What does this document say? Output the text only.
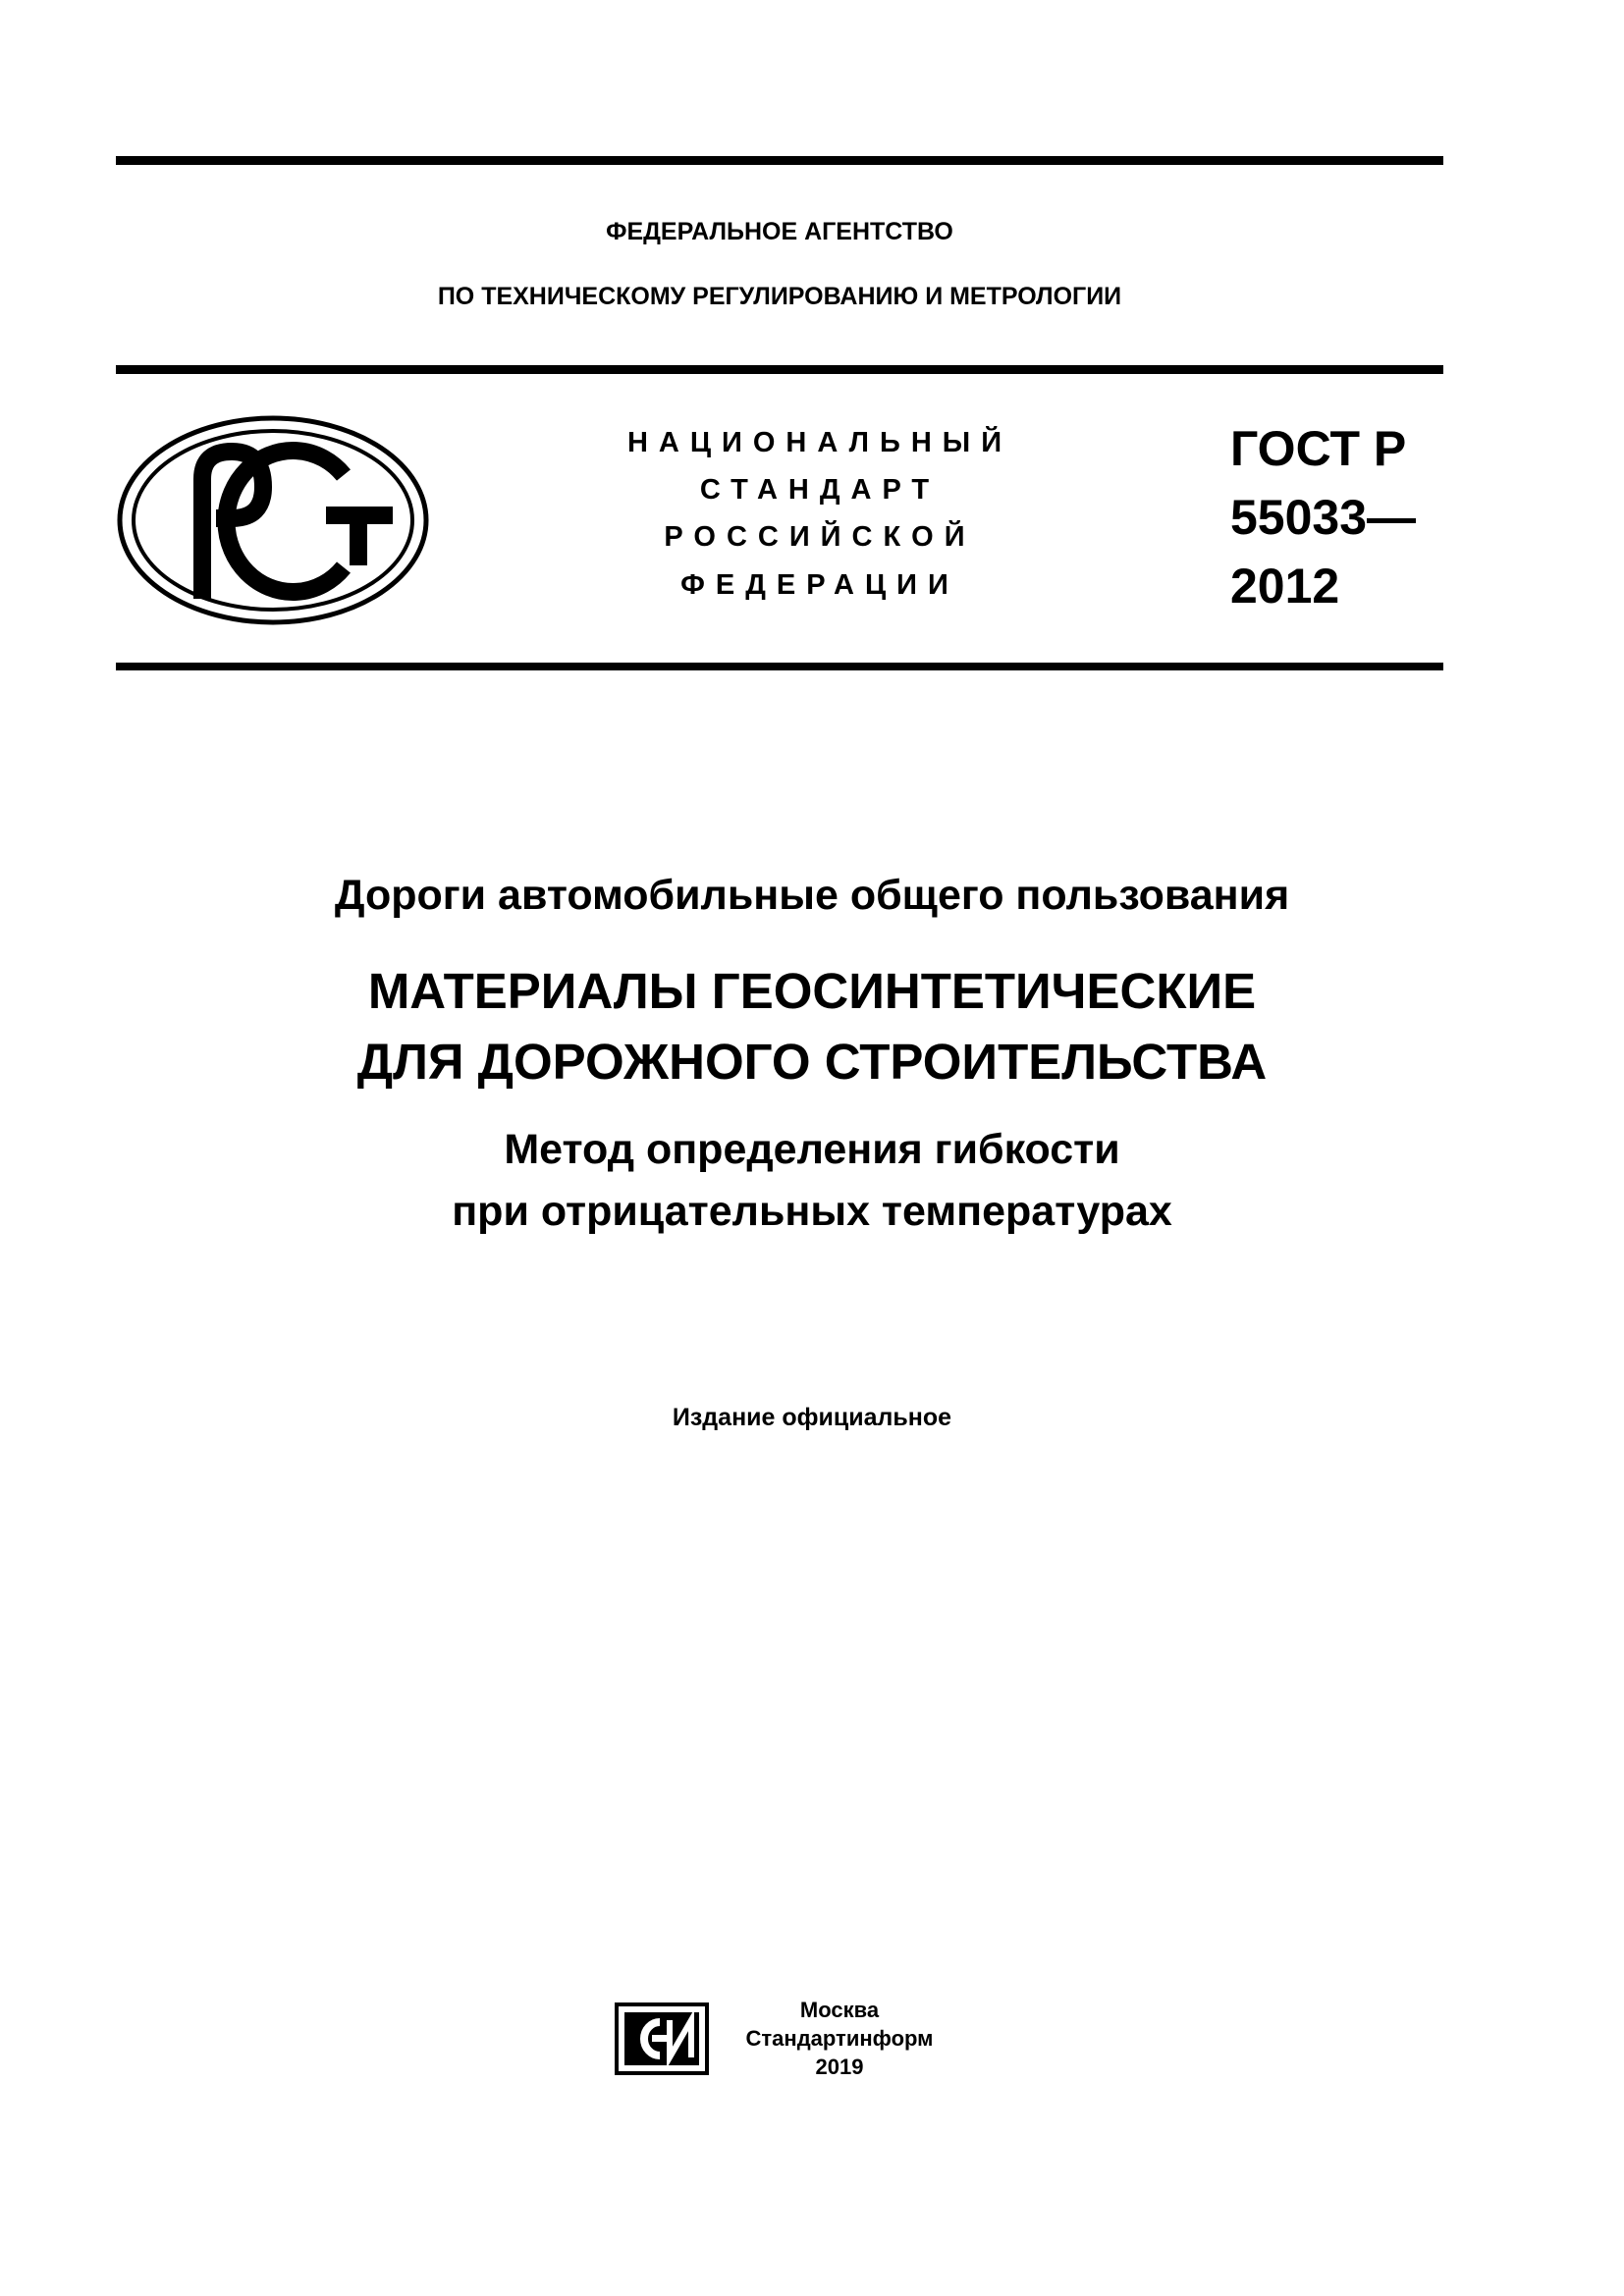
ФЕДЕРАЛЬНОЕ АГЕНТСТВО
ПО ТЕХНИЧЕСКОМУ РЕГУЛИРОВАНИЮ И МЕТРОЛОГИИ
НАЦИОНАЛЬНЫЙ
СТАНДАРТ
РОССИЙСКОЙ
ФЕДЕРАЦИИ
ГОСТ Р
55033—
2012
Дороги автомобильные общего пользования
МАТЕРИАЛЫ ГЕОСИНТЕТИЧЕСКИЕ
ДЛЯ ДОРОЖНОГО СТРОИТЕЛЬСТВА
Метод определения гибкости
при отрицательных температурах
Издание официальное
Москва
Стандартинформ
2019
